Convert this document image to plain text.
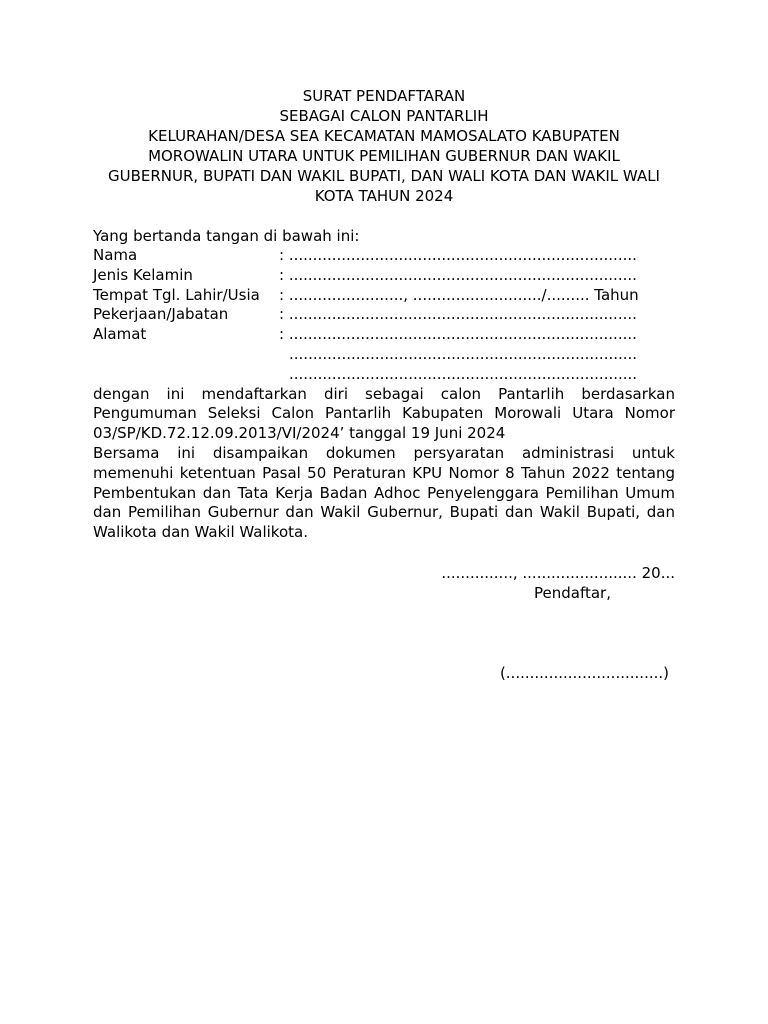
SURAT PENDAFTARAN
SEBAGAI CALON PANTARLIH
KELURAHAN/DESA SEA KECAMATAN MAMOSALATO KABUPATEN
MOROWALIN UTARA UNTUK PEMILIHAN GUBERNUR DAN WAKIL
GUBERNUR, BUPATI DAN WAKIL BUPATI, DAN WALI KOTA DAN WAKIL WALI
KOTA TAHUN 2024
Yang bertanda tangan di bawah ini:
Nama	: .........................................................................
Jenis Kelamin	: .........................................................................
Tempat Tgl. Lahir/Usia	: ........................, .........................../......... Tahun
Pekerjaan/Jabatan	: .........................................................................
Alamat	: .........................................................................
.........................................................................
.........................................................................
dengan ini mendaftarkan diri sebagai calon Pantarlih berdasarkan Pengumuman Seleksi Calon Pantarlih Kabupaten Morowali Utara Nomor 03/SP/KD.72.12.09.2013/VI/2024’ tanggal 19 Juni 2024
Bersama ini disampaikan dokumen persyaratan administrasi untuk memenuhi ketentuan Pasal 50 Peraturan KPU Nomor 8 Tahun 2022 tentang Pembentukan dan Tata Kerja Badan Adhoc Penyelenggara Pemilihan Umum dan Pemilihan Gubernur dan Wakil Gubernur, Bupati dan Wakil Bupati, dan Walikota dan Wakil Walikota.
..............., ........................ 20...
Pendaftar,
(.................................)
